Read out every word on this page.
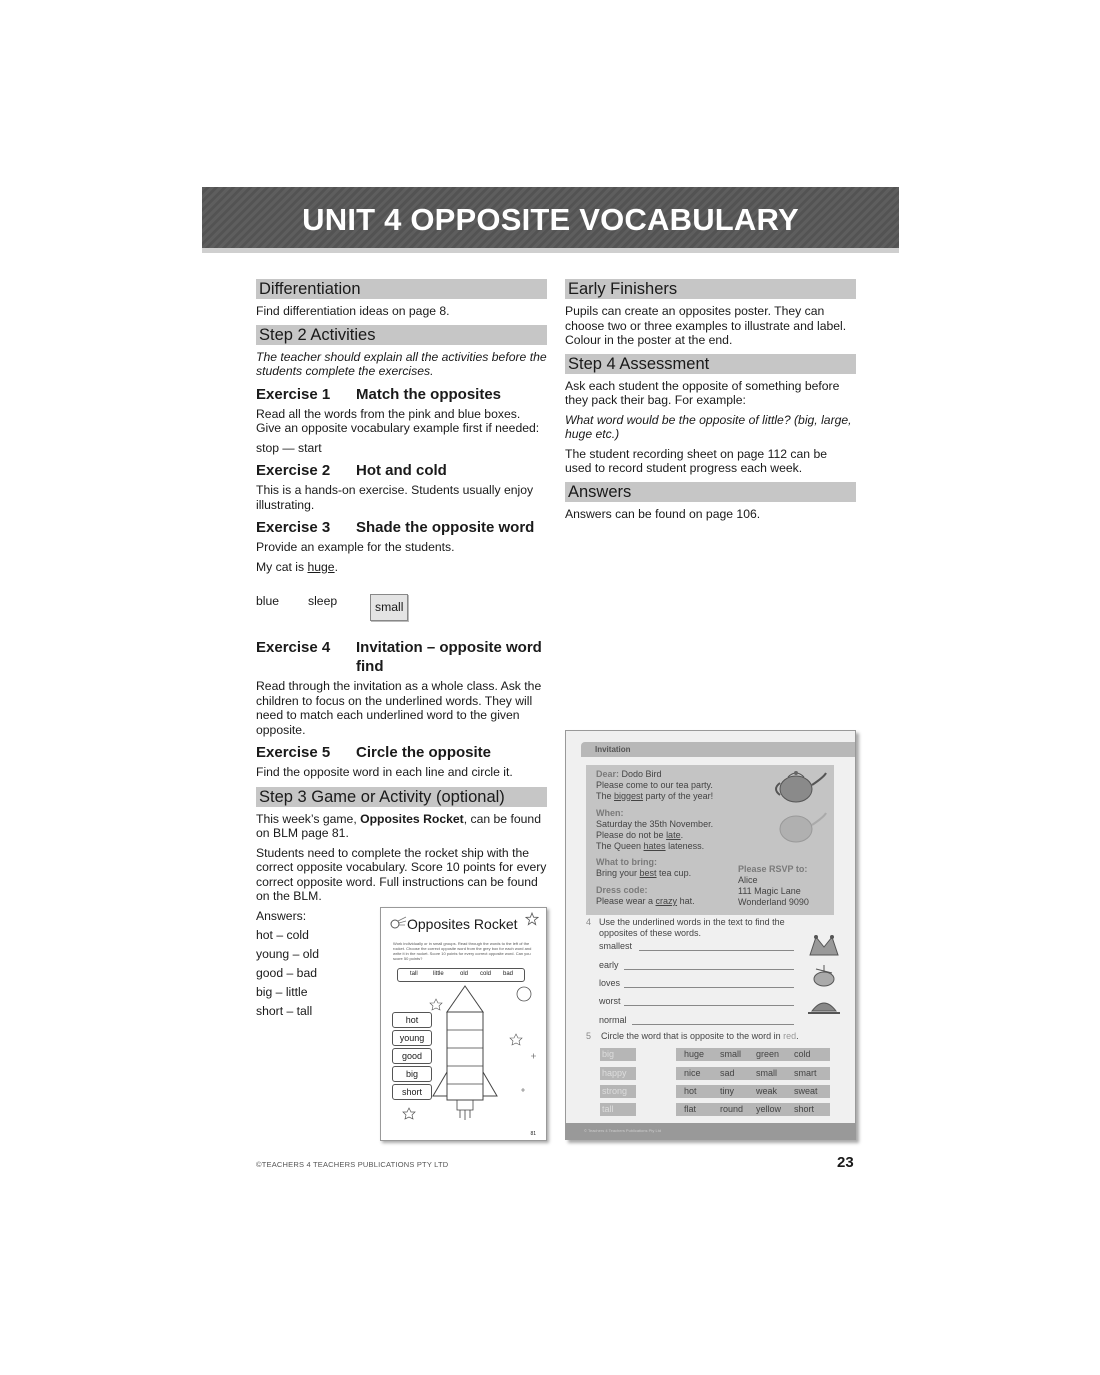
UNIT 4 OPPOSITE VOCABULARY
Differentiation

Find differentiation ideas on page 8.

Step 2 Activities

The teacher should explain all the activities before the students complete the exercises.

Exercise 1	Match the opposites

Read all the words from the pink and blue boxes. Give an opposite vocabulary example first if needed:

stop — start

Exercise 2	Hot and cold

This is a hands-on exercise. Students usually enjoy illustrating.

Exercise 3	Shade the opposite word

Provide an example for the students.

My cat is huge.

blue sleep	small
Exercise 4	Invitation – opposite word find

Read through the invitation as a whole class. Ask the children to focus on the underlined words. They will need to match each underlined word to the given opposite.

Exercise 5	Circle the opposite

Find the opposite word in each line and circle it.

Step 3 Game or Activity (optional)

This week’s game, Opposites Rocket, can be found on BLM page 81.

Students need to complete the rocket ship with the correct opposite vocabulary. Score 10 points for every correct opposite word. Full instructions can be found on the BLM.

Answers:

hot – cold

young – old

good – bad

big – little

short – tall

Early Finishers

Pupils can create an opposites poster. They can choose two or three examples to illustrate and label. Colour in the poster at the end.

Step 4 Assessment

Ask each student the opposite of something before they pack their bag. For example:

What word would be the opposite of little? (big, large, huge etc.)

The student recording sheet on page 112 can be used to record student progress each week.

Answers

Answers can be found on page 106.

Opposites Rocket
Work individually or in small groups. Read through the words to the left of the rocket. Choose the correct opposite word from the grey box for each word and write it in the rocket. Score 10 points for every correct opposite word. Can you score 50 points?
tall	little	old cold bad
hot
young
good
big
short
81
Invitation
Dear: Dodo Bird
Please come to our tea party.
The biggest party of the year!
When:
Saturday the 35th November.
Please do not be late.
The Queen hates lateness.
What to bring:
Bring your best tea cup.
Dress code:
Please wear a crazy hat.
Please RSVP to:
Alice
111 Magic Lane
Wonderland 9090
4 Use the underlined words in the text to find the opposites of these words.
smallest
early
loves
worst
normal
5 Circle the word that is opposite to the word in red.
big	huge small green cold
happy	nice sad small smart
strong	hot	tiny weak sweat
tall	flat	round yellow short
© Teachers 4 Teachers Publications Pty Ltd
©TEACHERS 4 TEACHERS PUBLICATIONS PTY LTD	23
